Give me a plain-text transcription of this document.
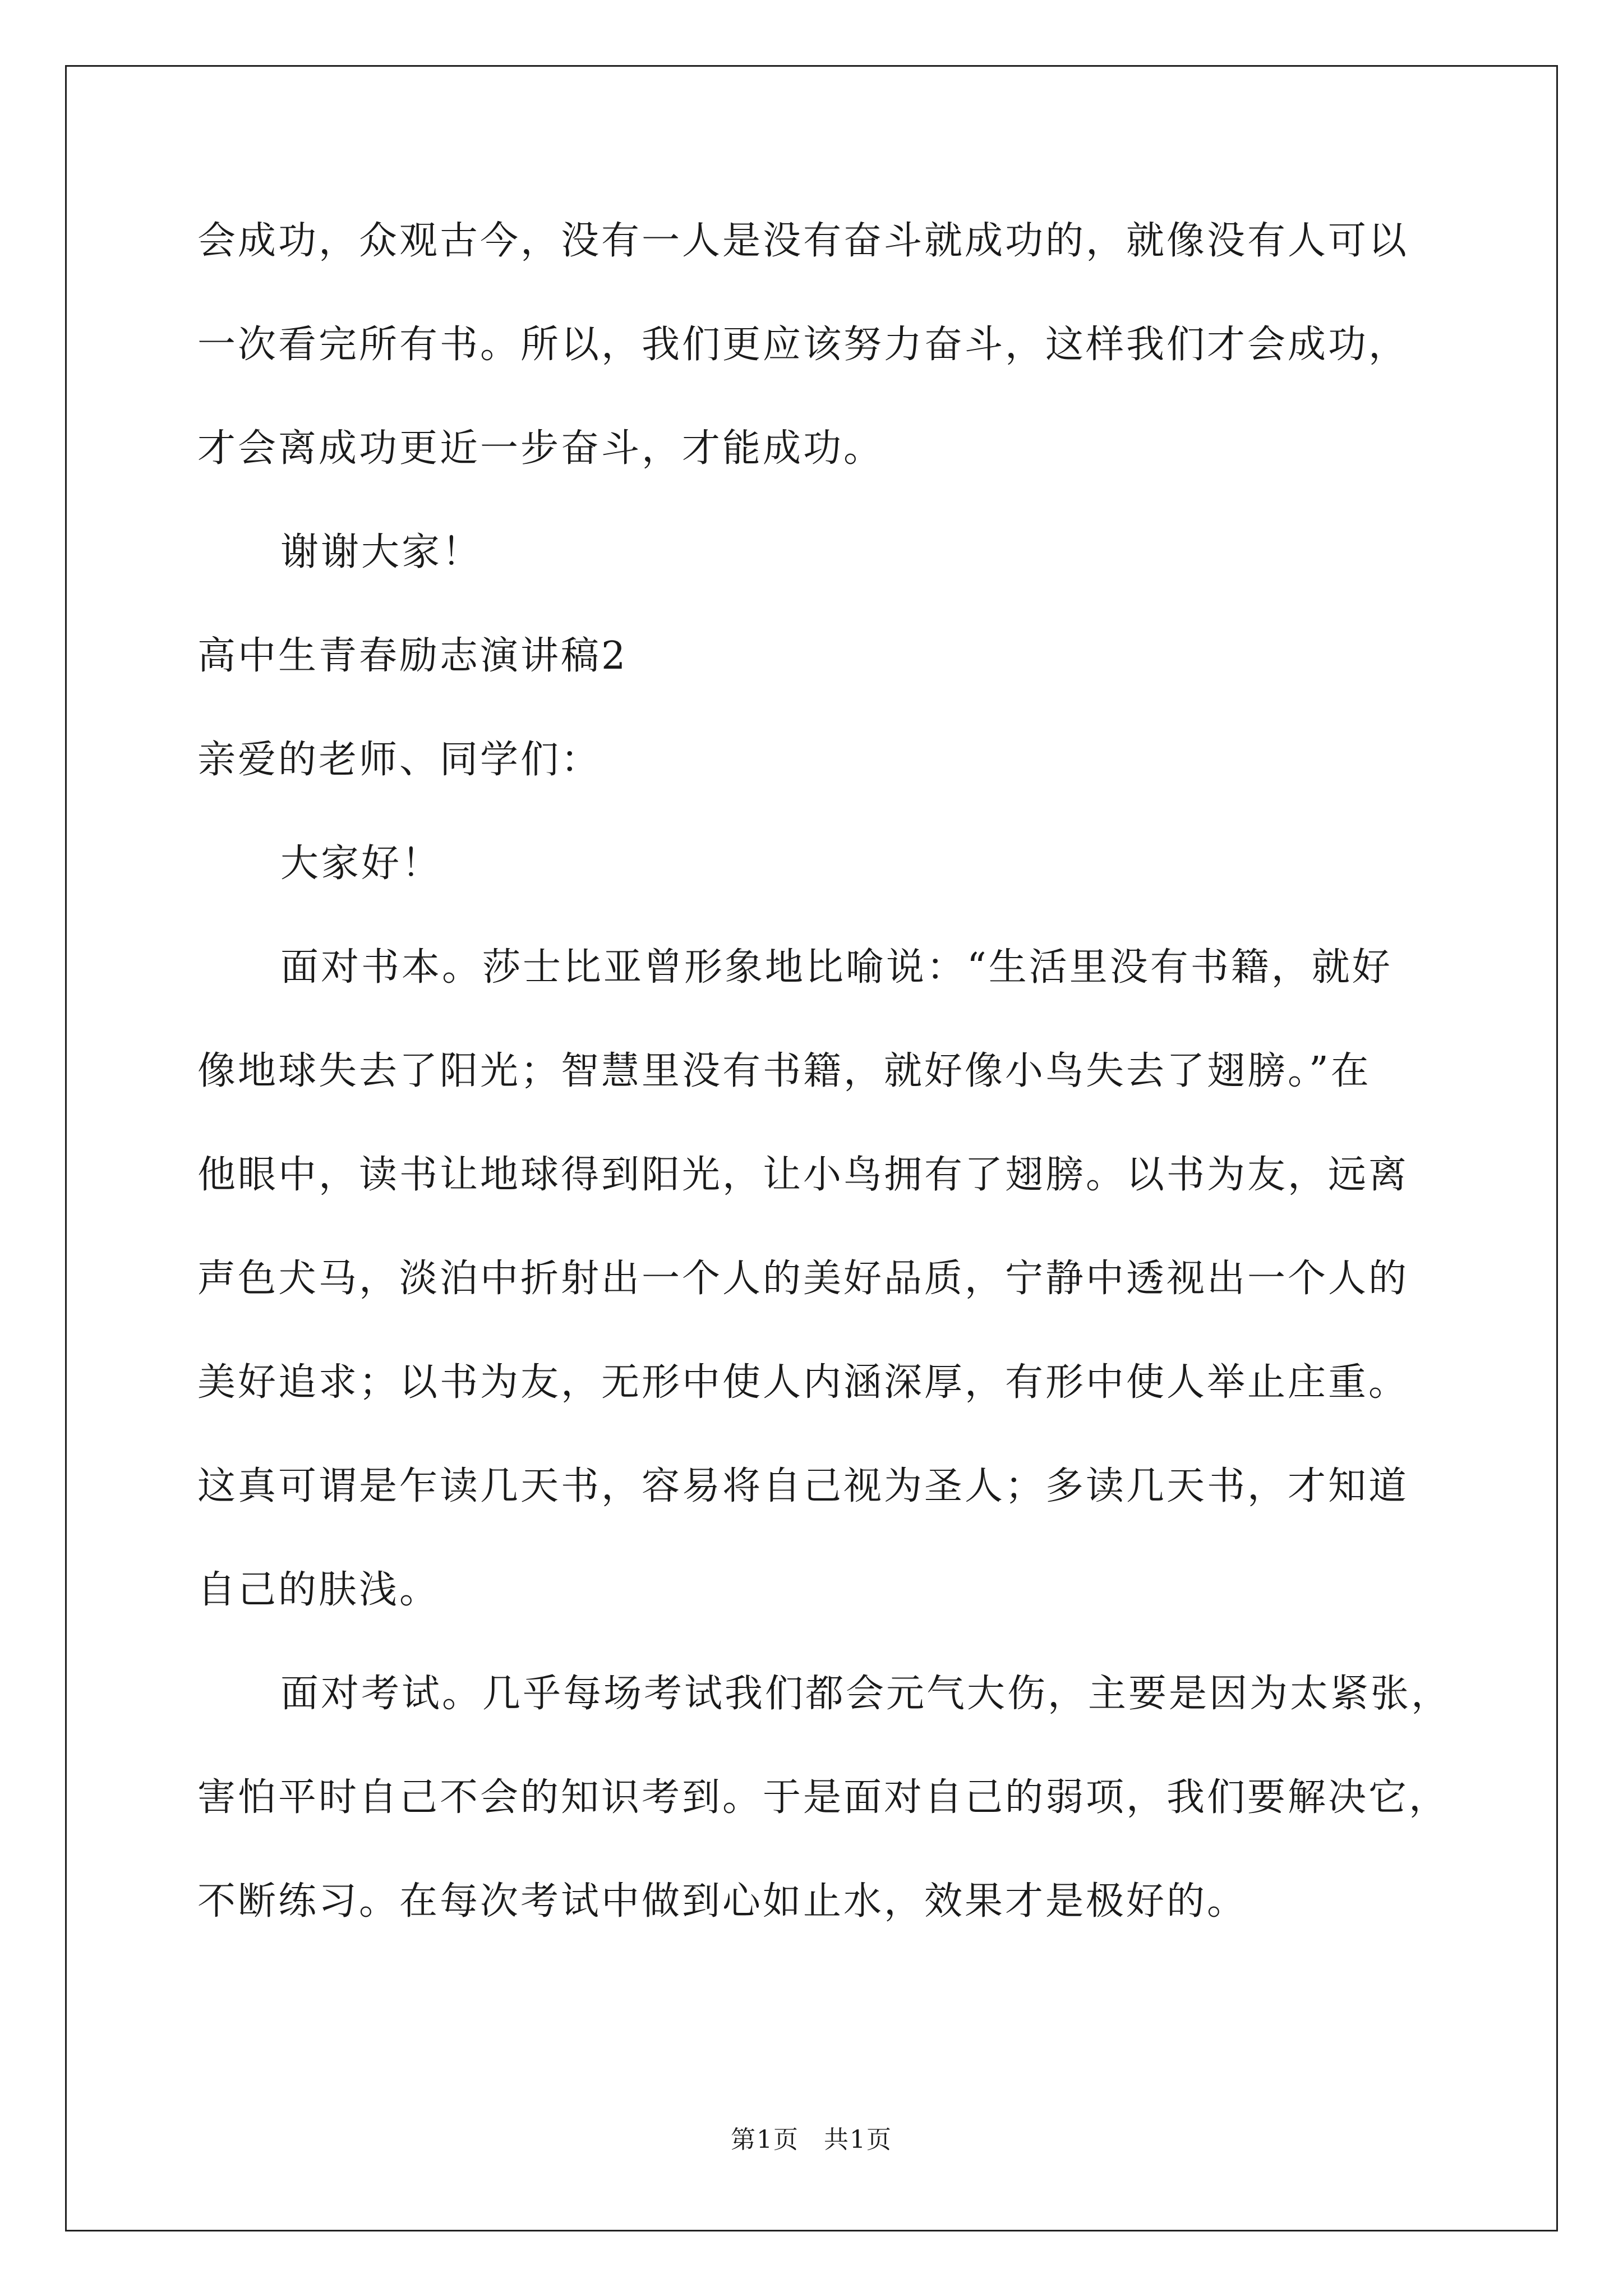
会成功，众观古今，没有一人是没有奋斗就成功的，就像没有人可以
一次看完所有书。所以，我们更应该努力奋斗，这样我们才会成功，
才会离成功更近一步奋斗，才能成功。
谢谢大家！
高中生青春励志演讲稿2
亲爱的老师、同学们：
大家好！
面对书本。莎士比亚曾形象地比喻说：“生活里没有书籍，就好
像地球失去了阳光；智慧里没有书籍，就好像小鸟失去了翅膀。”在
他眼中，读书让地球得到阳光，让小鸟拥有了翅膀。以书为友，远离
声色犬马，淡泊中折射出一个人的美好品质，宁静中透视出一个人的
美好追求；以书为友，无形中使人内涵深厚，有形中使人举止庄重。
这真可谓是乍读几天书，容易将自己视为圣人；多读几天书，才知道
自己的肤浅。
面对考试。几乎每场考试我们都会元气大伤，主要是因为太紧张，
害怕平时自己不会的知识考到。于是面对自己的弱项，我们要解决它，
不断练习。在每次考试中做到心如止水，效果才是极好的。
第1页 共1页
